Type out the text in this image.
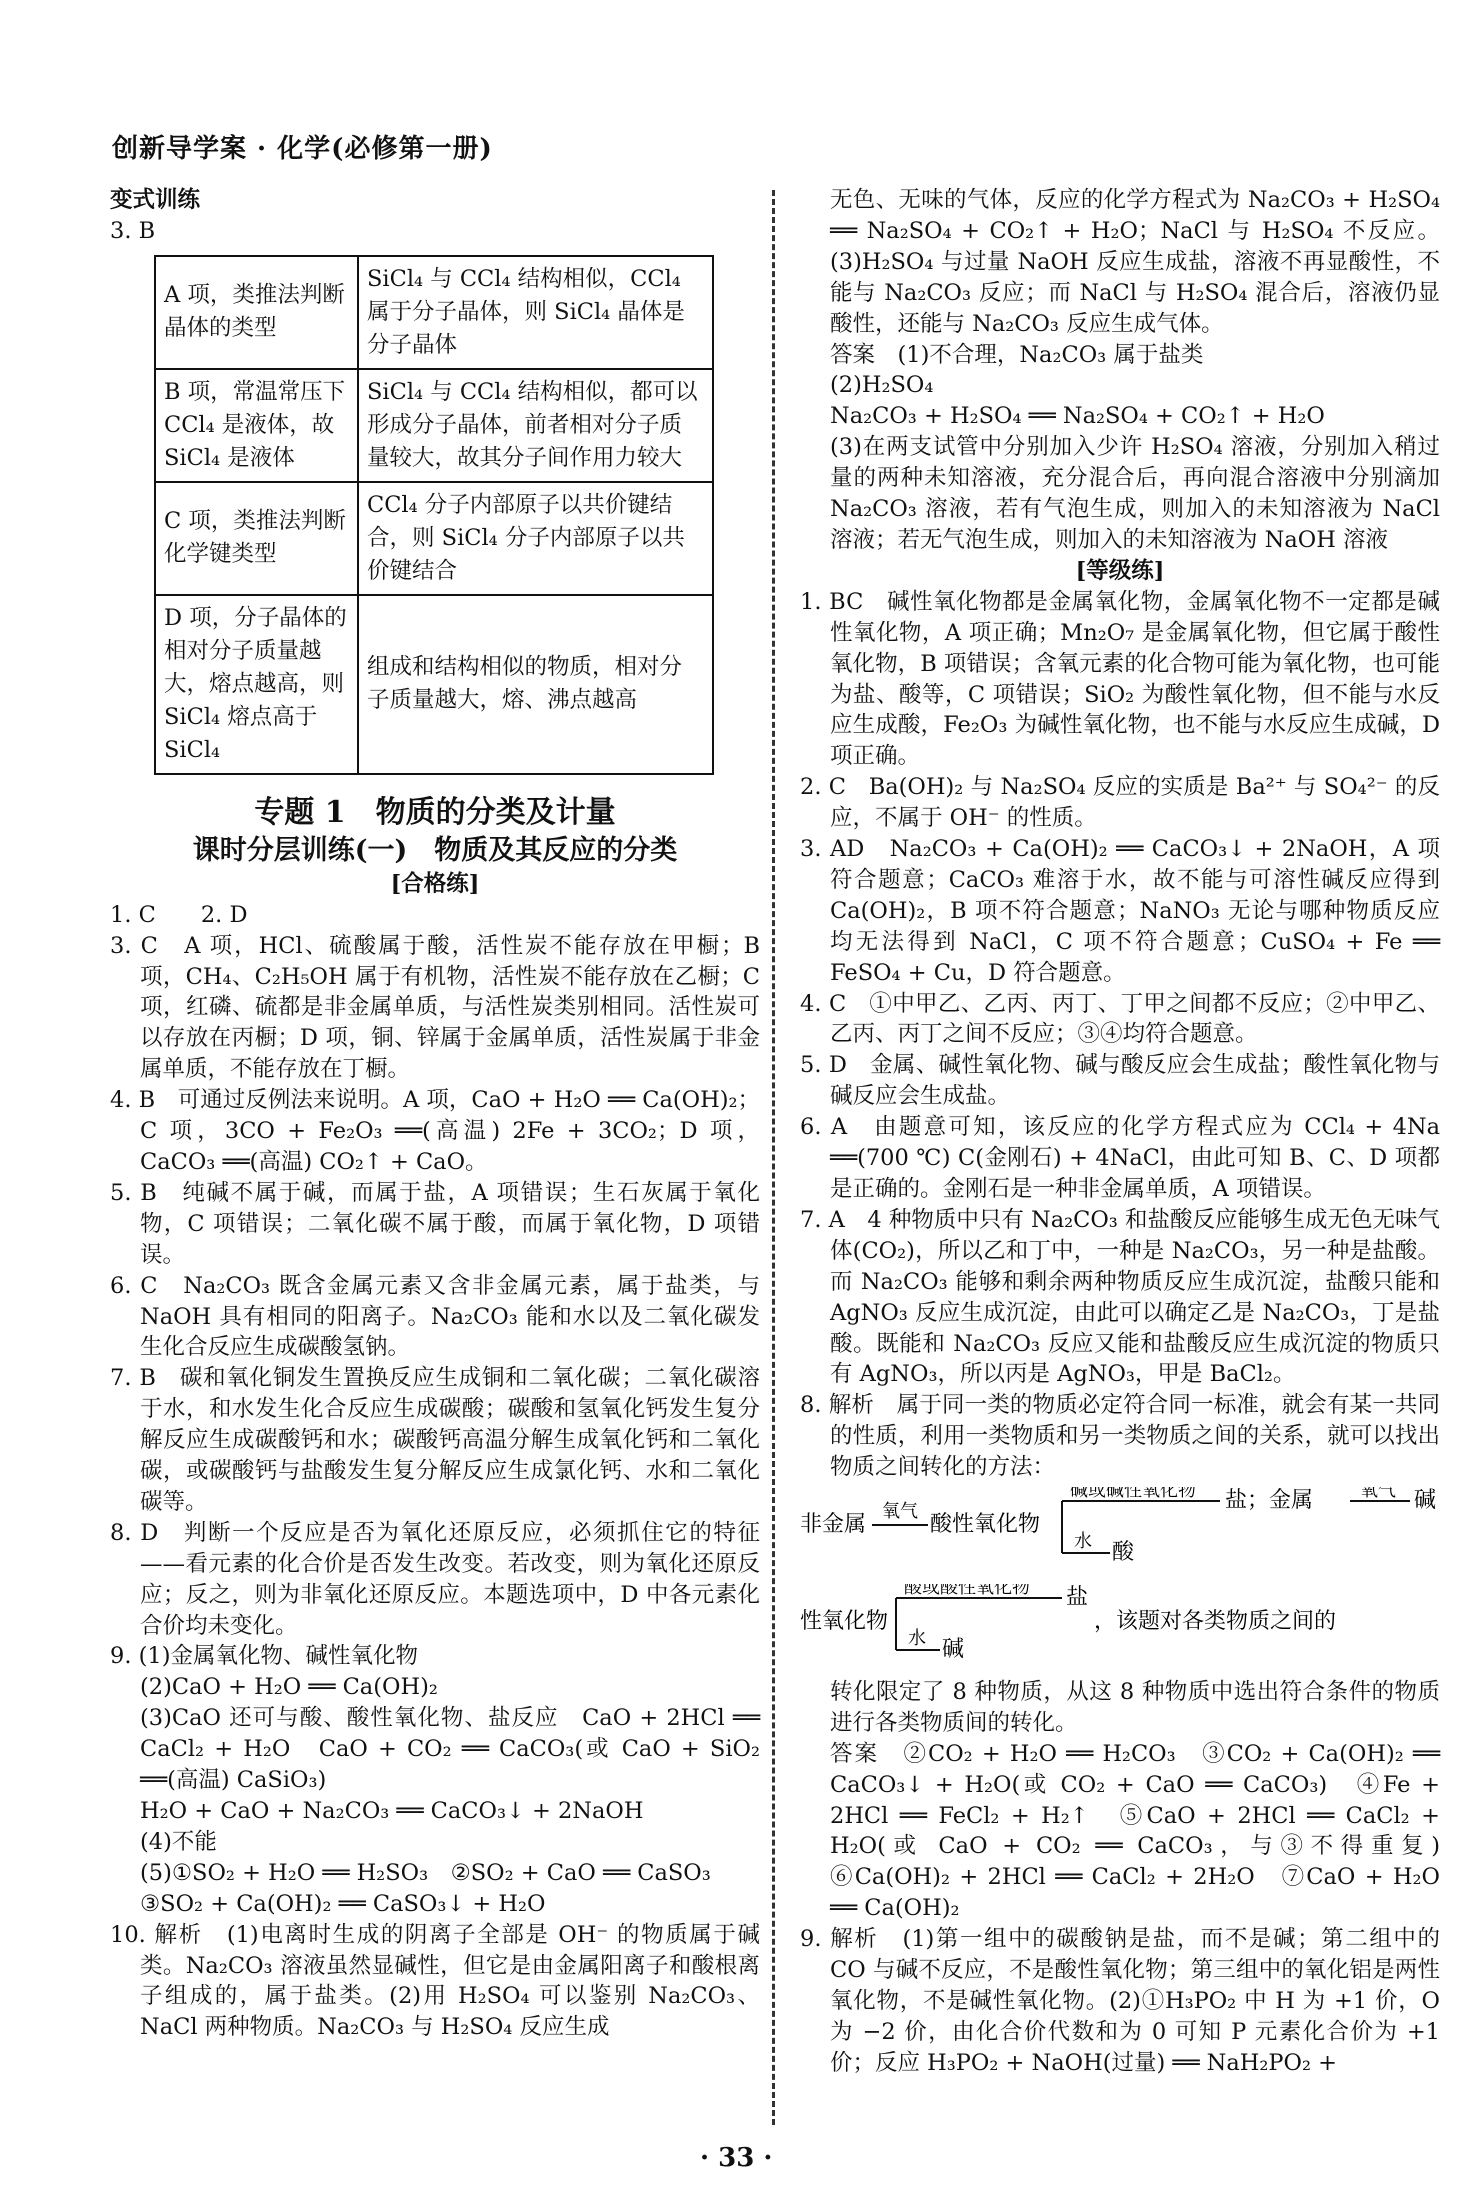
创新导学案 · 化学(必修第一册)

变式训练

3. B

A 项，类推法判断晶体的类型	SiCl₄ 与 CCl₄ 结构相似，CCl₄ 属于分子晶体，则 SiCl₄ 晶体是分子晶体
B 项，常温常压下 CCl₄ 是液体，故 SiCl₄ 是液体	SiCl₄ 与 CCl₄ 结构相似，都可以形成分子晶体，前者相对分子质量较大，故其分子间作用力较大
C 项，类推法判断化学键类型	CCl₄ 分子内部原子以共价键结合，则 SiCl₄ 分子内部原子以共价键结合
D 项，分子晶体的相对分子质量越大，熔点越高，则 SiCl₄ 熔点高于 SiCl₄	组成和结构相似的物质，相对分子质量越大，熔、沸点越高

专题 1　物质的分类及计量

课时分层训练(一)　物质及其反应的分类

[合格练]

1. C　　2. D

3. C　A 项，HCl、硫酸属于酸，活性炭不能存放在甲橱；B 项，CH₄、C₂H₅OH 属于有机物，活性炭不能存放在乙橱；C 项，红磷、硫都是非金属单质，与活性炭类别相同。活性炭可以存放在丙橱；D 项，铜、锌属于金属单质，活性炭属于非金属单质，不能存放在丁橱。

4. B　可通过反例法来说明。A 项，CaO + H₂O ══ Ca(OH)₂；C 项，3CO + Fe₂O₃ ══(高温) 2Fe + 3CO₂；D 项，CaCO₃ ══(高温) CO₂↑ + CaO。

5. B　纯碱不属于碱，而属于盐，A 项错误；生石灰属于氧化物，C 项错误；二氧化碳不属于酸，而属于氧化物，D 项错误。

6. C　Na₂CO₃ 既含金属元素又含非金属元素，属于盐类，与 NaOH 具有相同的阳离子。Na₂CO₃ 能和水以及二氧化碳发生化合反应生成碳酸氢钠。

7. B　碳和氧化铜发生置换反应生成铜和二氧化碳；二氧化碳溶于水，和水发生化合反应生成碳酸；碳酸和氢氧化钙发生复分解反应生成碳酸钙和水；碳酸钙高温分解生成氧化钙和二氧化碳，或碳酸钙与盐酸发生复分解反应生成氯化钙、水和二氧化碳等。

8. D　判断一个反应是否为氧化还原反应，必须抓住它的特征——看元素的化合价是否发生改变。若改变，则为氧化还原反应；反之，则为非氧化还原反应。本题选项中，D 中各元素化合价均未变化。

9. (1)金属氧化物、碱性氧化物

(2)CaO + H₂O ══ Ca(OH)₂

(3)CaO 还可与酸、酸性氧化物、盐反应　CaO + 2HCl ══ CaCl₂ + H₂O　CaO + CO₂ ══ CaCO₃(或 CaO + SiO₂ ══(高温) CaSiO₃)

H₂O + CaO + Na₂CO₃ ══ CaCO₃↓ + 2NaOH

(4)不能

(5)①SO₂ + H₂O ══ H₂SO₃　②SO₂ + CaO ══ CaSO₃

③SO₂ + Ca(OH)₂ ══ CaSO₃↓ + H₂O

10. 解析　(1)电离时生成的阴离子全部是 OH⁻ 的物质属于碱类。Na₂CO₃ 溶液虽然显碱性，但它是由金属阳离子和酸根离子组成的，属于盐类。(2)用 H₂SO₄ 可以鉴别 Na₂CO₃、NaCl 两种物质。Na₂CO₃ 与 H₂SO₄ 反应生成

无色、无味的气体，反应的化学方程式为 Na₂CO₃ + H₂SO₄ ══ Na₂SO₄ + CO₂↑ + H₂O；NaCl 与 H₂SO₄ 不反应。(3)H₂SO₄ 与过量 NaOH 反应生成盐，溶液不再显酸性，不能与 Na₂CO₃ 反应；而 NaCl 与 H₂SO₄ 混合后，溶液仍显酸性，还能与 Na₂CO₃ 反应生成气体。

答案　(1)不合理，Na₂CO₃ 属于盐类

(2)H₂SO₄

Na₂CO₃ + H₂SO₄ ══ Na₂SO₄ + CO₂↑ + H₂O

(3)在两支试管中分别加入少许 H₂SO₄ 溶液，分别加入稍过量的两种未知溶液，充分混合后，再向混合溶液中分别滴加 Na₂CO₃ 溶液，若有气泡生成，则加入的未知溶液为 NaCl 溶液；若无气泡生成，则加入的未知溶液为 NaOH 溶液

[等级练]

1. BC　碱性氧化物都是金属氧化物，金属氧化物不一定都是碱性氧化物，A 项正确；Mn₂O₇ 是金属氧化物，但它属于酸性氧化物，B 项错误；含氧元素的化合物可能为氧化物，也可能为盐、酸等，C 项错误；SiO₂ 为酸性氧化物，但不能与水反应生成酸，Fe₂O₃ 为碱性氧化物，也不能与水反应生成碱，D 项正确。

2. C　Ba(OH)₂ 与 Na₂SO₄ 反应的实质是 Ba²⁺ 与 SO₄²⁻ 的反应，不属于 OH⁻ 的性质。

3. AD　Na₂CO₃ + Ca(OH)₂ ══ CaCO₃↓ + 2NaOH，A 项符合题意；CaCO₃ 难溶于水，故不能与可溶性碱反应得到 Ca(OH)₂，B 项不符合题意；NaNO₃ 无论与哪种物质反应均无法得到 NaCl，C 项不符合题意；CuSO₄ + Fe ══ FeSO₄ + Cu，D 符合题意。

4. C　①中甲乙、乙丙、丙丁、丁甲之间都不反应；②中甲乙、乙丙、丙丁之间不反应；③④均符合题意。

5. D　金属、碱性氧化物、碱与酸反应会生成盐；酸性氧化物与碱反应会生成盐。

6. A　由题意可知，该反应的化学方程式应为 CCl₄ + 4Na ══(700 ℃) C(金刚石) + 4NaCl，由此可知 B、C、D 项都是正确的。金刚石是一种非金属单质，A 项错误。

7. A　4 种物质中只有 Na₂CO₃ 和盐酸反应能够生成无色无味气体(CO₂)，所以乙和丁中，一种是 Na₂CO₃，另一种是盐酸。而 Na₂CO₃ 能够和剩余两种物质反应生成沉淀，盐酸只能和 AgNO₃ 反应生成沉淀，由此可以确定乙是 Na₂CO₃，丁是盐酸。既能和 Na₂CO₃ 反应又能和盐酸反应生成沉淀的物质只有 AgNO₃，所以丙是 AgNO₃，甲是 BaCl₂。

8. 解析　属于同一类的物质必定符合同一标准，就会有某一共同的性质，利用一类物质和另一类物质之间的关系，就可以找出物质之间转化的方法：

非金属
氧气
酸性氧化物
碱或碱性氧化物 盐；金属	氧气 碱
水 酸

性氧化物
酸或酸性氧化物 盐
水 碱
，该题对各类物质之间的

转化限定了 8 种物质，从这 8 种物质中选出符合条件的物质进行各类物质间的转化。

答案　②CO₂ + H₂O ══ H₂CO₃　③CO₂ + Ca(OH)₂ ══ CaCO₃↓ + H₂O(或 CO₂ + CaO ══ CaCO₃)　④Fe + 2HCl ══ FeCl₂ + H₂↑　⑤CaO + 2HCl ══ CaCl₂ + H₂O(或 CaO + CO₂ ══ CaCO₃，与③不得重复)　⑥Ca(OH)₂ + 2HCl ══ CaCl₂ + 2H₂O　⑦CaO + H₂O ══ Ca(OH)₂

9. 解析　(1)第一组中的碳酸钠是盐，而不是碱；第二组中的 CO 与碱不反应，不是酸性氧化物；第三组中的氧化铝是两性氧化物，不是碱性氧化物。(2)①H₃PO₂ 中 H 为 +1 价，O 为 −2 价，由化合价代数和为 0 可知 P 元素化合价为 +1 价；反应 H₃PO₂ + NaOH(过量) ══ NaH₂PO₂ +

· 33 ·
